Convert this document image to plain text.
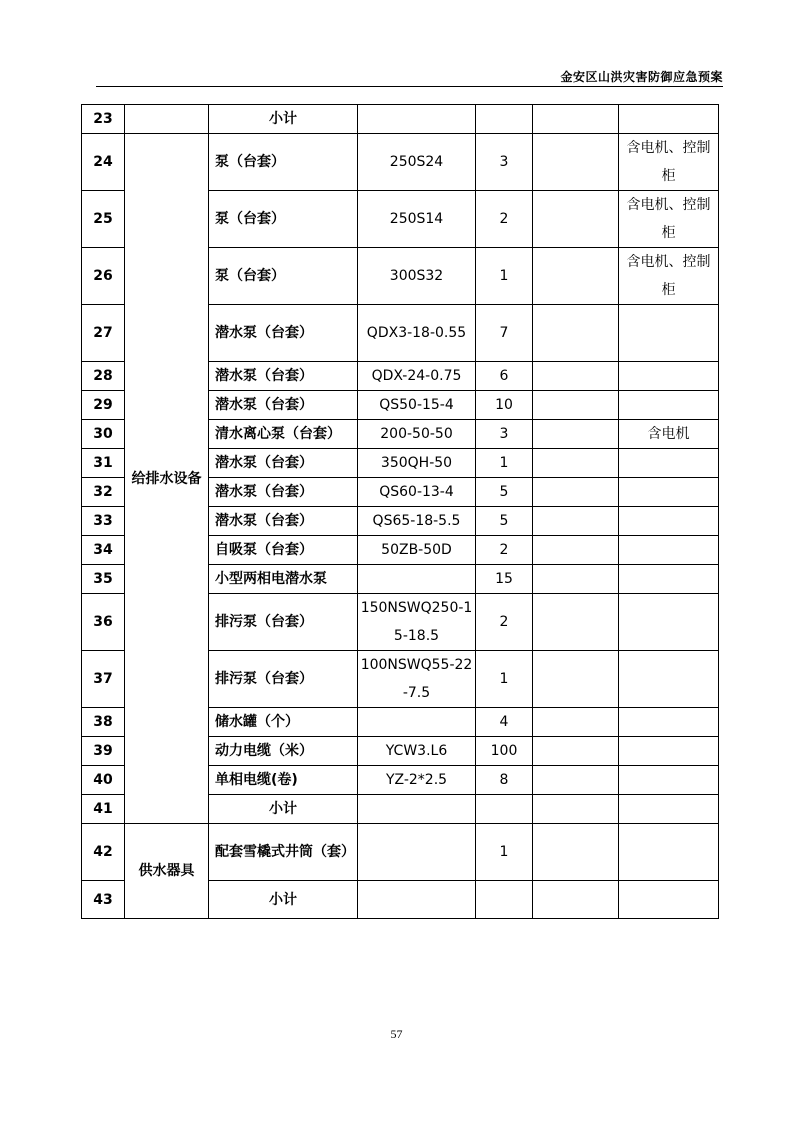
金安区山洪灾害防御应急预案
23		小计				
24	给排水设备	泵（台套）	250S24	3		含电机、控制柜
25		泵（台套）	250S14	2		含电机、控制柜
26		泵（台套）	300S32	1		含电机、控制柜
27		潜水泵（台套）	QDX3-18-0.55	7		
28		潜水泵（台套）	QDX-24-0.75	6		
29		潜水泵（台套）	QS50-15-4	10		
30		清水离心泵（台套）	200-50-50	3		含电机
31		潜水泵（台套）	350QH-50	1		
32		潜水泵（台套）	QS60-13-4	5		
33		潜水泵（台套）	QS65-18-5.5	5		
34		自吸泵（台套）	50ZB-50D	2		
35		小型两相电潜水泵		15		
36		排污泵（台套）	150NSWQ250-15-18.5	2		
37		排污泵（台套）	100NSWQ55-22-7.5	1		
38		储水罐（个）		4		
39		动力电缆（米）	YCW3.L6	100		
40		单相电缆(卷)	YZ-2*2.5	8		
41		小计				
42	供水器具	配套雪橇式井筒（套）		1		
43		小计				
57
